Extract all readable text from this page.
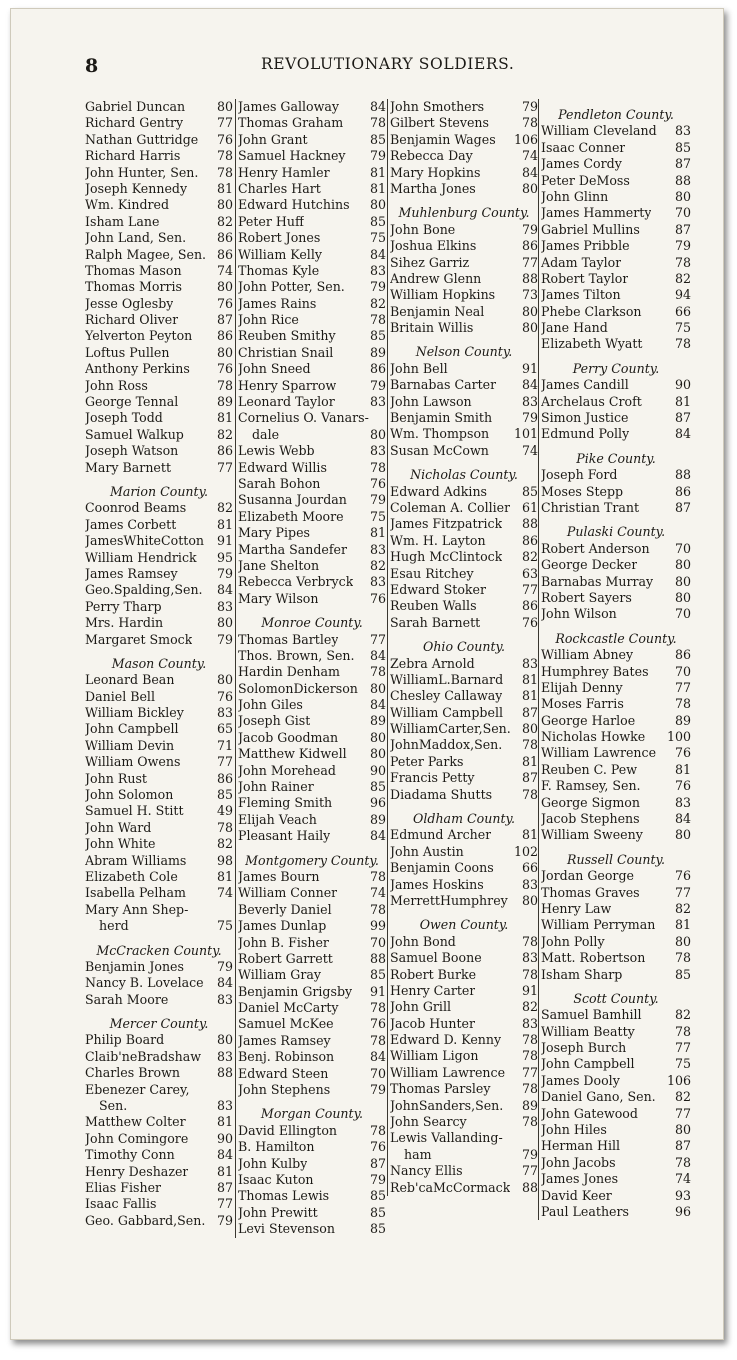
8	REVOLUTIONARY SOLDIERS.
Gabriel Duncan	80
Richard Gentry	77
Nathan Guttridge 76
Richard Harris	78
John Hunter, Sen. 78
Joseph Kennedy 81
Wm. Kindred	80
Isham Lane	82
John Land, Sen. 86
Ralph Magee, Sen. 86
Thomas Mason	74
Thomas Morris	80
Jesse Oglesby	76
Richard Oliver	87
Yelverton Peyton 86
Loftus Pullen	80
Anthony Perkins 76
John Ross	78
George Tennal	89
Joseph Todd	81
Samuel Walkup	82
Joseph Watson	86
Mary Barnett	77
Marion County.
Coonrod Beams 82
James Corbett	81
JamesWhiteCotton 91
William Hendrick 95
James Ramsey	79
Geo.Spalding,Sen. 84
Perry Tharp	83
Mrs. Hardin	80
Margaret Smock 79
Mason County.
Leonard Bean	80
Daniel Bell	76
William Bickley	83
John Campbell	65
William Devin	71
William Owens	77
John Rust	86
John Solomon	85
Samuel H. Stitt	49
John Ward	78
John White	82
Abram Williams 98
Elizabeth Cole	81
Isabella Pelham 74
Mary Ann Shep-
herd	75
McCracken County.
Benjamin Jones	79
Nancy B. Lovelace 84
Sarah Moore	83
Mercer County.
Philip Board	80
Claib'neBradshaw 83
Charles Brown	88
Ebenezer Carey,
Sen.	83
Matthew Colter 81
John Comingore 90
Timothy Conn	84
Henry Deshazer 81
Elias Fisher	87
Isaac Fallis	77
Geo. Gabbard,Sen. 79
James Galloway 84
Thomas Graham 78
John Grant	85
Samuel Hackney 79
Henry Hamler	81
Charles Hart	81
Edward Hutchins 80
Peter Huff	85
Robert Jones	75
William Kelly	84
Thomas Kyle	83
John Potter, Sen. 79
James Rains	82
John Rice	78
Reuben Smithy	85
Christian Snail	89
John Sneed	86
Henry Sparrow	79
Leonard Taylor	83
Cornelius O. Vanars-
dale	80
Lewis Webb	83
Edward Willis	78
Sarah Bohon	76
Susanna Jourdan 79
Elizabeth Moore 75
Mary Pipes	81
Martha Sandefer 83
Jane Shelton	82
Rebecca Verbryck 83
Mary Wilson	76
Monroe County.
Thomas Bartley	77
Thos. Brown, Sen. 84
Hardin Denham 78
SolomonDickerson 80
John Giles	84
Joseph Gist	89
Jacob Goodman	80
Matthew Kidwell 80
John Morehead	90
John Rainer	85
Fleming Smith	96
Elijah Veach	89
Pleasant Haily	84
Montgomery County.
James Bourn	78
William Conner	74
Beverly Daniel	78
James Dunlap	99
John B. Fisher	70
Robert Garrett	88
William Gray	85
Benjamin Grigsby 91
Daniel McCarty 78
Samuel McKee	76
James Ramsey	78
Benj. Robinson	84
Edward Steen	70
John Stephens	79
Morgan County.
David Ellington	78
B. Hamilton	76
John Kulby	87
Isaac Kuton	79
Thomas Lewis	85
John Prewitt	85
Levi Stevenson	85
John Smothers	79
Gilbert Stevens	78
Benjamin Wages 106
Rebecca Day	74
Mary Hopkins	84
Martha Jones	80
Muhlenburg County.
John Bone	79
Joshua Elkins	86
Sihez Garriz	77
Andrew Glenn	88
William Hopkins 73
Benjamin Neal	80
Britain Willis	80
Nelson County.
John Bell	91
Barnabas Carter 84
John Lawson	83
Benjamin Smith 79
Wm. Thompson 101
Susan McCown	74
Nicholas County.
Edward Adkins	85
Coleman A. Collier 61
James Fitzpatrick 88
Wm. H. Layton	86
Hugh McClintock 82
Esau Ritchey	63
Edward Stoker	77
Reuben Walls	86
Sarah Barnett	76
Ohio County.
Zebra Arnold	83
WilliamL.Barnard 81
Chesley Callaway 81
William Campbell 87
WilliamCarter,Sen. 80
JohnMaddox,Sen. 78
Peter Parks	81
Francis Petty	87
Diadama Shutts 78
Oldham County.
Edmund Archer 81
John Austin	102
Benjamin Coons 66
James Hoskins	83
MerrettHumphrey 80
Owen County.
John Bond	78
Samuel Boone	83
Robert Burke	78
Henry Carter	91
John Grill	82
Jacob Hunter	83
Edward D. Kenny 78
William Ligon	78
William Lawrence 77
Thomas Parsley 78
JohnSanders,Sen. 89
John Searcy	78
Lewis Vallanding-
ham	79
Nancy Ellis	77
Reb'caMcCormack 88
Pendleton County.
William Cleveland 83
Isaac Conner	85
James Cordy	87
Peter DeMoss	88
John Glinn	80
James Hammerty 70
Gabriel Mullins	87
James Pribble	79
Adam Taylor	78
Robert Taylor	82
James Tilton	94
Phebe Clarkson	66
Jane Hand	75
Elizabeth Wyatt	78
Perry County.
James Candill	90
Archelaus Croft	81
Simon Justice	87
Edmund Polly	84
Pike County.
Joseph Ford	88
Moses Stepp	86
Christian Trant	87
Pulaski County.
Robert Anderson 70
George Decker	80
Barnabas Murray 80
Robert Sayers	80
John Wilson	70
Rockcastle County.
William Abney	86
Humphrey Bates 70
Elijah Denny	77
Moses Farris	78
George Harloe	89
Nicholas Howke 100
William Lawrence 76
Reuben C. Pew	81
F. Ramsey, Sen.	76
George Sigmon	83
Jacob Stephens	84
William Sweeny	80
Russell County.
Jordan George	76
Thomas Graves	77
Henry Law	82
William Perryman 81
John Polly	80
Matt. Robertson 78
Isham Sharp	85
Scott County.
Samuel Bamhill	82
William Beatty	78
Joseph Burch	77
John Campbell	75
James Dooly	106
Daniel Gano, Sen. 82
John Gatewood	77
John Hiles	80
Herman Hill	87
John Jacobs	78
James Jones	74
David Keer	93
Paul Leathers	96
